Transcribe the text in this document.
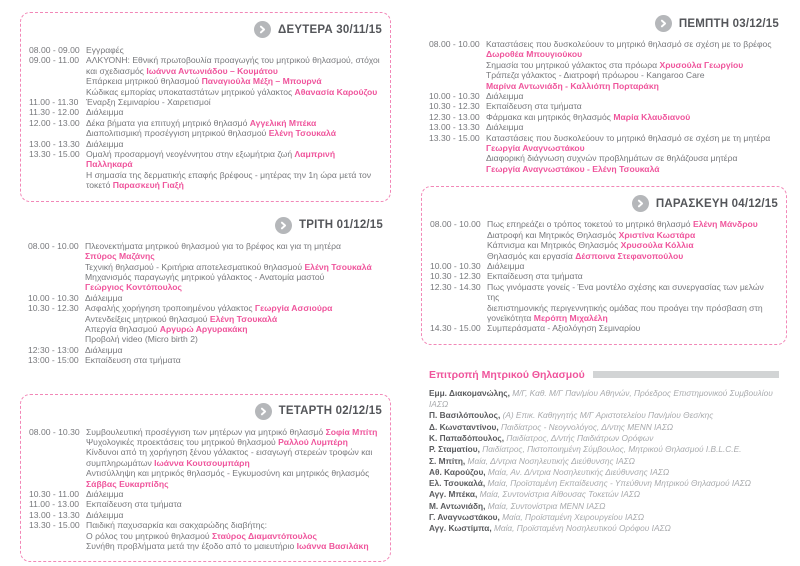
ΔΕΥΤΕΡΑ 30/11/15
08.00 - 09.00 Εγγραφές
09.00 - 11.00 ΑΛΚΥΟΝΗ: Εθνική πρωτοβουλία προαγωγής του μητρικού θηλασμού, στόχοι
και σχεδιασμός Ιωάννα Αντωνιάδου – Κουμάτου
Επάρκεια μητρικού θηλασμού Παναγιούλα Μέξη – Μπουρνά
Κώδικας εμπορίας υποκαταστάτων μητρικού γάλακτος Αθανασία Καρούζου
11.00 - 11.30 Έναρξη Σεμιναρίου - Χαιρετισμοί
11.30 - 12.00 Διάλειμμα
12.00 - 13.00 Δέκα βήματα για επιτυχή μητρικό θηλασμό Αγγελική Μπέκα
Διαπολιτισμική προσέγγιση μητρικού θηλασμού Ελένη Τσουκαλά
13.00 - 13.30 Διάλειμμα
13.30 - 15.00 Ομαλή προσαρμογή νεογέννητου στην εξωμήτρια ζωή Λαμπρινή Παλληκαρά
Η σημασία της δερματικής επαφής βρέφους - μητέρας την 1η ώρα μετά τον
τοκετό Παρασκευή Γιαξή
ΤΡΙΤΗ 01/12/15
08.00 - 10.00 Πλεονεκτήματα μητρικού θηλασμού για το βρέφος και για τη μητέρα
Σπύρος Μαζάνης
Τεχνική θηλασμού - Κριτήρια αποτελεσματικού θηλασμού Ελένη Τσουκαλά
Μηχανισμός παραγωγής μητρικού γάλακτος - Ανατομία μαστού
Γεώργιος Κοντόπουλος
10.00 - 10.30 Διάλειμμα
10.30 - 12.30 Ασφαλής χορήγηση τροποιημένου γάλακτος Γεωργία Ασσιούρα
Αντενδείξεις μητρικού θηλασμού Ελένη Τσουκαλά
Απεργία θηλασμού Αργυρώ Αργυρακάκη
Προβολή video (Micro birth 2)
12:30 - 13:00 Διάλειμμα
13:00 - 15:00 Εκπαίδευση στα τμήματα
ΤΕΤΑΡΤΗ 02/12/15
08.00 - 10.30 Συμβουλευτική προσέγγιση των μητέρων για μητρικό θηλασμό Σοφία Μπίτη
Ψυχολογικές προεκτάσεις του μητρικού θηλασμού Ραλλού Λυμπέρη
Κίνδυνοι από τη χορήγηση ξένου γάλακτος - εισαγωγή στερεών τροφών και
συμπληρωμάτων Ιωάννα Κουτσουμπάρη
Αντισύλληψη και μητρικός θηλασμός - Εγκυμοσύνη και μητρικός θηλασμός
Σάββας Ευκαρπίδης
10.30 - 11.00 Διάλειμμα
11.00 - 13.00 Εκπαίδευση στα τμήματα
13.00 - 13.30 Διάλειμμα
13.30 - 15.00 Παιδική παχυσαρκία και σακχαρώδης διαβήτης:
Ο ρόλος του μητρικού θηλασμού Σταύρος Διαμαντόπουλος
Συνήθη προβλήματα μετά την έξοδο από το μαιευτήριο Ιωάννα Βασιλάκη
ΠΕΜΠΤΗ 03/12/15
08.00 - 10.00 Καταστάσεις που δυσκολεύουν το μητρικό θηλασμό σε σχέση με το βρέφος
Δωροθέα Μπουγιούκου
Σημασία του μητρικού γάλακτος στα πρόωρα Χρυσούλα Γεωργίου
Τράπεζα γάλακτος - Διατροφή πρόωρου - Kangaroo Care
Μαρίνα Αντωνιάδη - Καλλιόπη Πορταράκη
10.00 - 10.30 Διάλειμμα
10.30 - 12.30 Εκπαίδευση στα τμήματα
12.30 - 13.00 Φάρμακα και μητρικός θηλασμός Μαρία Κλαυδιανού
13.00 - 13.30 Διάλειμμα
13.30 - 15.00 Καταστάσεις που δυσκολεύουν το μητρικό θηλασμό σε σχέση με τη μητέρα
Γεωργία Αναγνωστάκου
Διαφορική διάγνωση συχνών προβλημάτων σε θηλάζουσα μητέρα
Γεωργία Αναγνωστάκου - Ελένη Τσουκαλά
ΠΑΡΑΣΚΕΥΗ 04/12/15
08.00 - 10.00 Πως επηρεάζει ο τρόπος τοκετού το μητρικό θηλασμό Ελένη Μάνδρου
Διατροφή και Μητρικός Θηλασμός Χριστίνα Κωστάρα
Κάπνισμα και Μητρικός Θηλασμός Χρυσούλα Κόλλια
Θηλασμός και εργασία Δέσποινα Στεφανοπούλου
10.00 - 10.30 Διάλειμμα
10.30 - 12.30 Εκπαίδευση στα τμήματα
12.30 - 14.30 Πως γινόμαστε γονείς - Ένα μοντέλο σχέσης και συνεργασίας των μελών της
διεπιστημονικής περιγεννητικής ομάδας που προάγει την πρόσβαση στη
γονεϊκότητα Μερόπη Μιχαλέλη
14.30 - 15.00 Συμπεράσματα - Αξιολόγηση Σεμιναρίου
Επιτροπή Μητρικού Θηλασμού
Εμμ. Διακομανώλης, Μ/Γ, Καθ. Μ/Γ Παν/μίου Αθηνών, Πρόεδρος Επιστημονικού Συμβουλίου ΙΑΣΩ
Π. Βασιλόπουλος, (Α) Επικ. Καθηγητής Μ/Γ Αριστοτελείου Παν/μίου Θεσ/κης
Δ. Κωνσταντίνου, Παιδίατρος - Νεογνολόγος, Δ/ντης ΜΕΝΝ ΙΑΣΩ
Κ. Παπαδόπουλος, Παιδίατρος, Δ/ντής Παιδιάτρων Ορόφων
Ρ. Σταματίου, Παιδίατρος, Πιστοποιημένη Σύμβουλος, Μητρικού Θηλασμού I.B.L.C.E.
Σ. Μπίτη, Μαία, Δ/ντρια Νοσηλευτικής Διεύθυνσης ΙΑΣΩ
Αθ. Καρούζου, Μαία, Αν. Δ/ντρια Νοσηλευτικής Διεύθυνσης ΙΑΣΩ
Ελ. Τσουκαλά, Μαία, Προϊσταμένη Εκπαίδευσης - Υπεύθυνη Μητρικού Θηλασμού ΙΑΣΩ
Αγγ. Μπέκα, Μαία, Συντονίστρια Αίθουσας Τοκετών ΙΑΣΩ
Μ. Αντωνιάδη, Μαία, Συντονίστρια ΜΕΝΝ ΙΑΣΩ
Γ. Αναγνωστάκου, Μαία, Προϊσταμένη Χειρουργείου ΙΑΣΩ
Αγγ. Κωστίμπα, Μαία, Προϊσταμένη Νοσηλευτικού Ορόφου ΙΑΣΩ
